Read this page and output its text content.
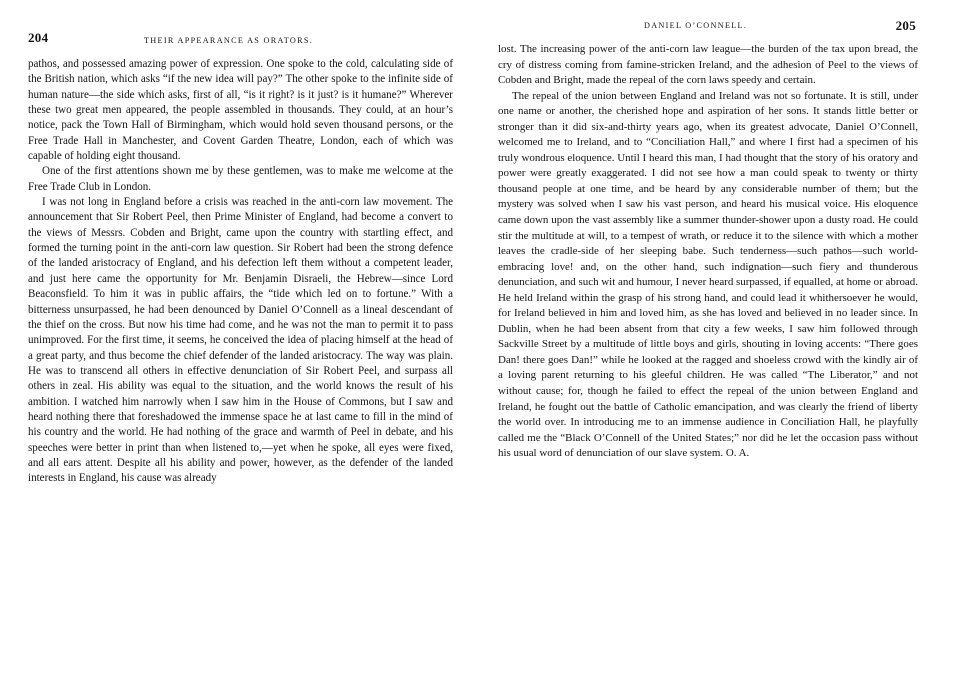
204	THEIR APPEARANCE AS ORATORS.

pathos, and possessed amazing power of expression. One spoke to the cold, calculating side of the British nation, which asks “if the new idea will pay?” The other spoke to the infinite side of human nature—the side which asks, first of all, “is it right? is it just? is it humane?” Wherever these two great men appeared, the people assembled in thousands. They could, at an hour’s notice, pack the Town Hall of Birmingham, which would hold seven thousand persons, or the Free Trade Hall in Manchester, and Covent Garden Theatre, London, each of which was capable of holding eight thousand.

One of the first attentions shown me by these gentlemen, was to make me welcome at the Free Trade Club in London.

I was not long in England before a crisis was reached in the anti-corn law movement. The announcement that Sir Robert Peel, then Prime Minister of England, had become a convert to the views of Messrs. Cobden and Bright, came upon the country with startling effect, and formed the turning point in the anti-corn law question. Sir Robert had been the strong defence of the landed aristocracy of England, and his defection left them without a competent leader, and just here came the opportunity for Mr. Benjamin Disraeli, the Hebrew—since Lord Beaconsfield. To him it was in public affairs, the “tide which led on to fortune.” With a bitterness unsurpassed, he had been denounced by Daniel O’Connell as a lineal descendant of the thief on the cross. But now his time had come, and he was not the man to permit it to pass unimproved. For the first time, it seems, he conceived the idea of placing himself at the head of a great party, and thus become the chief defender of the landed aristocracy. The way was plain. He was to transcend all others in effective denunciation of Sir Robert Peel, and surpass all others in zeal. His ability was equal to the situation, and the world knows the result of his ambition. I watched him narrowly when I saw him in the House of Commons, but I saw and heard nothing there that foreshadowed the immense space he at last came to fill in the mind of his country and the world. He had nothing of the grace and warmth of Peel in debate, and his speeches were better in print than when listened to,—yet when he spoke, all eyes were fixed, and all ears attent. Despite all his ability and power, however, as the defender of the landed interests in England, his cause was already

DANIEL O’CONNELL.	205

lost. The increasing power of the anti-corn law league—the burden of the tax upon bread, the cry of distress coming from famine-stricken Ireland, and the adhesion of Peel to the views of Cobden and Bright, made the repeal of the corn laws speedy and certain.

The repeal of the union between England and Ireland was not so fortunate. It is still, under one name or another, the cherished hope and aspiration of her sons. It stands little better or stronger than it did six-and-thirty years ago, when its greatest advocate, Daniel O’Connell, welcomed me to Ireland, and to “Conciliation Hall,” and where I first had a specimen of his truly wondrous eloquence. Until I heard this man, I had thought that the story of his oratory and power were greatly exaggerated. I did not see how a man could speak to twenty or thirty thousand people at one time, and be heard by any considerable number of them; but the mystery was solved when I saw his vast person, and heard his musical voice. His eloquence came down upon the vast assembly like a summer thunder-shower upon a dusty road. He could stir the multitude at will, to a tempest of wrath, or reduce it to the silence with which a mother leaves the cradle-side of her sleeping babe. Such tenderness—such pathos—such world-embracing love! and, on the other hand, such indignation—such fiery and thunderous denunciation, and such wit and humour, I never heard surpassed, if equalled, at home or abroad. He held Ireland within the grasp of his strong hand, and could lead it whithersoever he would, for Ireland believed in him and loved him, as she has loved and believed in no leader since. In Dublin, when he had been absent from that city a few weeks, I saw him followed through Sackville Street by a multitude of little boys and girls, shouting in loving accents: “There goes Dan! there goes Dan!” while he looked at the ragged and shoeless crowd with the kindly air of a loving parent returning to his gleeful children. He was called “The Liberator,” and not without cause; for, though he failed to effect the repeal of the union between England and Ireland, he fought out the battle of Catholic emancipation, and was clearly the friend of liberty the world over. In introducing me to an immense audience in Conciliation Hall, he playfully called me the “Black O’Connell of the United States;” nor did he let the occasion pass without his usual word of denunciation of our slave system. O. A.
